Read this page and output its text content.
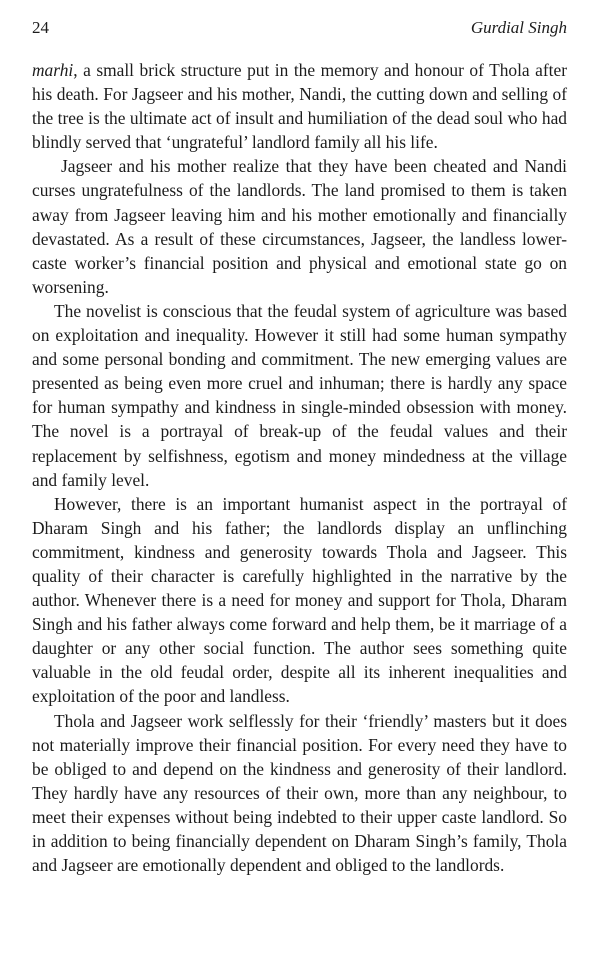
24	Gurdial Singh

marhi, a small brick structure put in the memory and honour of Thola after his death. For Jagseer and his mother, Nandi, the cutting down and selling of the tree is the ultimate act of insult and humiliation of the dead soul who had blindly served that ‘ungrateful’ landlord family all his life.

Jagseer and his mother realize that they have been cheated and Nandi curses ungratefulness of the landlords. The land promised to them is taken away from Jagseer leaving him and his mother emotionally and financially devastated. As a result of these circumstances, Jagseer, the landless lower-caste worker’s financial position and physical and emotional state go on worsening.

The novelist is conscious that the feudal system of agriculture was based on exploitation and inequality. However it still had some human sympathy and some personal bonding and commitment. The new emerging values are presented as being even more cruel and inhuman; there is hardly any space for human sympathy and kindness in single-minded obsession with money. The novel is a portrayal of break-up of the feudal values and their replacement by selfishness, egotism and money mindedness at the village and family level.

However, there is an important humanist aspect in the portrayal of Dharam Singh and his father; the landlords display an unflinching commitment, kindness and generosity towards Thola and Jagseer. This quality of their character is carefully highlighted in the narrative by the author. Whenever there is a need for money and support for Thola, Dharam Singh and his father always come forward and help them, be it marriage of a daughter or any other social function. The author sees something quite valuable in the old feudal order, despite all its inherent inequalities and exploitation of the poor and landless.

Thola and Jagseer work selflessly for their ‘friendly’ masters but it does not materially improve their financial position. For every need they have to be obliged to and depend on the kindness and generosity of their landlord. They hardly have any resources of their own, more than any neighbour, to meet their expenses without being indebted to their upper caste landlord. So in addition to being financially dependent on Dharam Singh’s family, Thola and Jagseer are emotionally dependent and obliged to the landlords.
